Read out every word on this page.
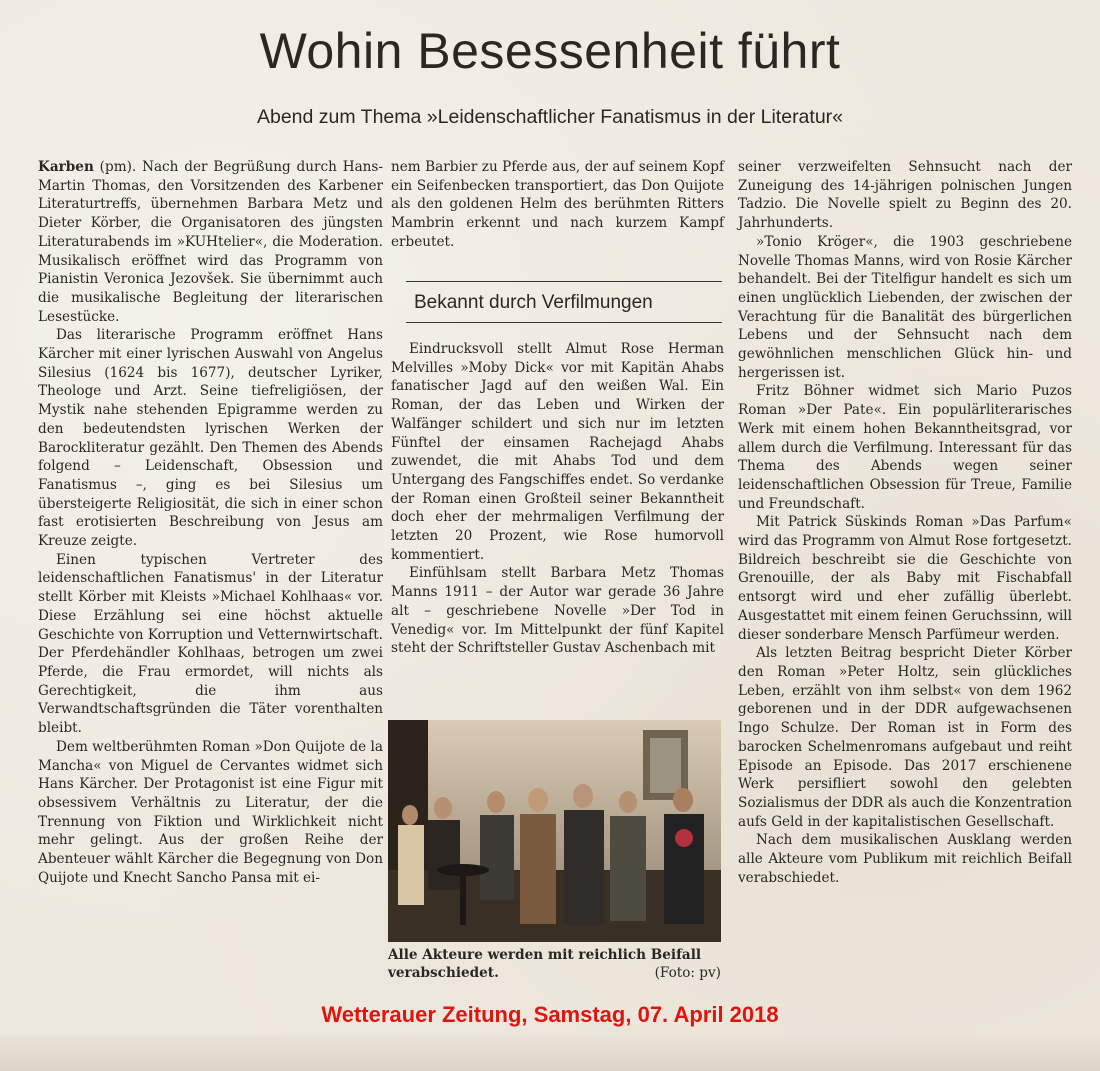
Wohin Besessenheit führt
Abend zum Thema »Leidenschaftlicher Fanatismus in der Literatur«

Karben (pm). Nach der Begrüßung durch Hans-Martin Thomas, den Vorsitzenden des Karbener Literaturtreffs, übernehmen Barbara Metz und Dieter Körber, die Organisatoren des jüngsten Literaturabends im »KUHtelier«, die Moderation. Musikalisch eröffnet wird das Programm von Pianistin Veronica Jezovšek. Sie übernimmt auch die musikalische Begleitung der literarischen Lesestücke.

Das literarische Programm eröffnet Hans Kärcher mit einer lyrischen Auswahl von Angelus Silesius (1624 bis 1677), deutscher Lyriker, Theologe und Arzt. Seine tiefreligiösen, der Mystik nahe stehenden Epigramme werden zu den bedeutendsten lyrischen Werken der Barockliteratur gezählt. Den Themen des Abends folgend – Leidenschaft, Obsession und Fanatismus –, ging es bei Silesius um übersteigerte Religiosität, die sich in einer schon fast erotisierten Beschreibung von Jesus am Kreuze zeigte.

Einen typischen Vertreter des leidenschaftlichen Fanatismus' in der Literatur stellt Körber mit Kleists »Michael Kohlhaas« vor. Diese Erzählung sei eine höchst aktuelle Geschichte von Korruption und Vetternwirtschaft. Der Pferdehändler Kohlhaas, betrogen um zwei Pferde, die Frau ermordet, will nichts als Gerechtigkeit, die ihm aus Verwandtschaftsgründen die Täter vorenthalten bleibt.

Dem weltberühmten Roman »Don Quijote de la Mancha« von Miguel de Cervantes widmet sich Hans Kärcher. Der Protagonist ist eine Figur mit obsessivem Verhältnis zu Literatur, der die Trennung von Fiktion und Wirklichkeit nicht mehr gelingt. Aus der großen Reihe der Abenteuer wählt Kärcher die Begegnung von Don Quijote und Knecht Sancho Pansa mit ei-

nem Barbier zu Pferde aus, der auf seinem Kopf ein Seifenbecken transportiert, das Don Quijote als den goldenen Helm des berühmten Ritters Mambrin erkennt und nach kurzem Kampf erbeutet.

Bekannt durch Verfilmungen

Eindrucksvoll stellt Almut Rose Herman Melvilles »Moby Dick« vor mit Kapitän Ahabs fanatischer Jagd auf den weißen Wal. Ein Roman, der das Leben und Wirken der Walfänger schildert und sich nur im letzten Fünftel der einsamen Rachejagd Ahabs zuwendet, die mit Ahabs Tod und dem Untergang des Fangschiffes endet. So verdanke der Roman einen Großteil seiner Bekanntheit doch eher der mehrmaligen Verfilmung der letzten 20 Prozent, wie Rose humorvoll kommentiert.

Einfühlsam stellt Barbara Metz Thomas Manns 1911 – der Autor war gerade 36 Jahre alt – geschriebene Novelle »Der Tod in Venedig« vor. Im Mittelpunkt der fünf Kapitel steht der Schriftsteller Gustav Aschenbach mit

Alle Akteure werden mit reichlich Beifall verabschiedet.	(Foto: pv)

seiner verzweifelten Sehnsucht nach der Zuneigung des 14-jährigen polnischen Jungen Tadzio. Die Novelle spielt zu Beginn des 20. Jahrhunderts.

»Tonio Kröger«, die 1903 geschriebene Novelle Thomas Manns, wird von Rosie Kärcher behandelt. Bei der Titelfigur handelt es sich um einen unglücklich Liebenden, der zwischen der Verachtung für die Banalität des bürgerlichen Lebens und der Sehnsucht nach dem gewöhnlichen menschlichen Glück hin- und hergerissen ist.

Fritz Böhner widmet sich Mario Puzos Roman »Der Pate«. Ein populärliterarisches Werk mit einem hohen Bekanntheitsgrad, vor allem durch die Verfilmung. Interessant für das Thema des Abends wegen seiner leidenschaftlichen Obsession für Treue, Familie und Freundschaft.

Mit Patrick Süskinds Roman »Das Parfum« wird das Programm von Almut Rose fortgesetzt. Bildreich beschreibt sie die Geschichte von Grenouille, der als Baby mit Fischabfall entsorgt wird und eher zufällig überlebt. Ausgestattet mit einem feinen Geruchssinn, will dieser sonderbare Mensch Parfümeur werden.

Als letzten Beitrag bespricht Dieter Körber den Roman »Peter Holtz, sein glückliches Leben, erzählt von ihm selbst« von dem 1962 geborenen und in der DDR aufgewachsenen Ingo Schulze. Der Roman ist in Form des barocken Schelmenromans aufgebaut und reiht Episode an Episode. Das 2017 erschienene Werk persifliert sowohl den gelebten Sozialismus der DDR als auch die Konzentration aufs Geld in der kapitalistischen Gesellschaft.

Nach dem musikalischen Ausklang werden alle Akteure vom Publikum mit reichlich Beifall verabschiedet.

Wetterauer Zeitung, Samstag, 07. April 2018
